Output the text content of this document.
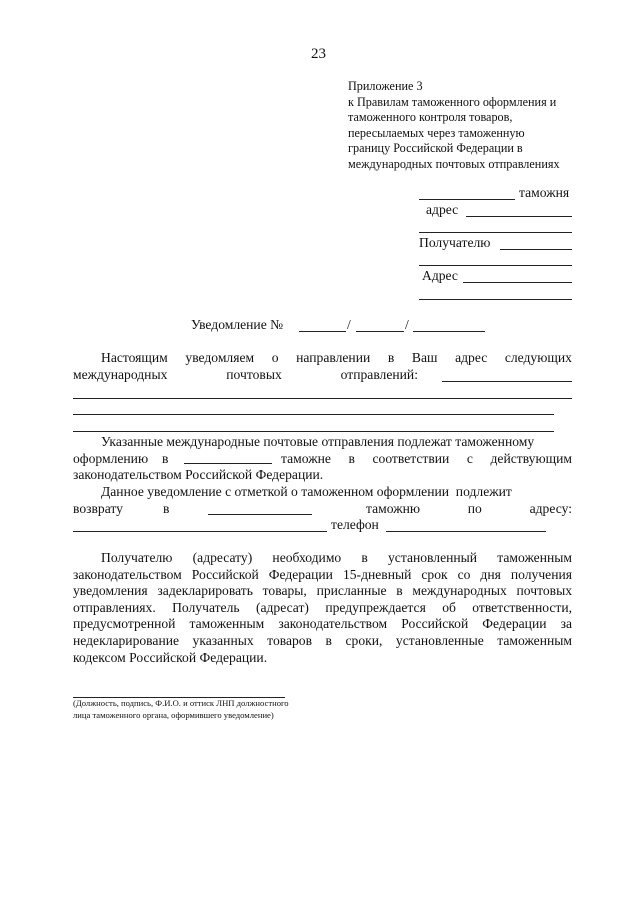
23
Приложение 3
к Правилам таможенного оформления и
таможенного контроля товаров,
пересылаемых через таможенную
границу Российской Федерации в
международных почтовых отправлениях
таможня
адрес
Получателю
Адрес
Уведомление №	/	/
Настоящим уведомляем о направлении в Ваш адрес следующих
международных	почтовых	отправлений:
Указанные международные почтовые отправления подлежат таможенному
оформлению в	таможне в соответствии с действующим
законодательством Российской Федерации.
Данное уведомление с отметкой о таможенном оформлении  подлежит
возврату	в	таможню	по	адресу:
телефон
Получателю (адресату) необходимо в установленный таможенным
законодательством Российской Федерации 15-дневный срок со дня получения
уведомления задекларировать товары, присланные в международных почтовых
отправлениях. Получатель (адресат) предупреждается об ответственности,
предусмотренной таможенным законодательством Российской Федерации за
недекларирование указанных товаров в сроки, установленные таможенным
кодексом Российской Федерации.
(Должность, подпись, Ф.И.О. и оттиск ЛНП должностного
лица таможенного органа, оформившего уведомление)
